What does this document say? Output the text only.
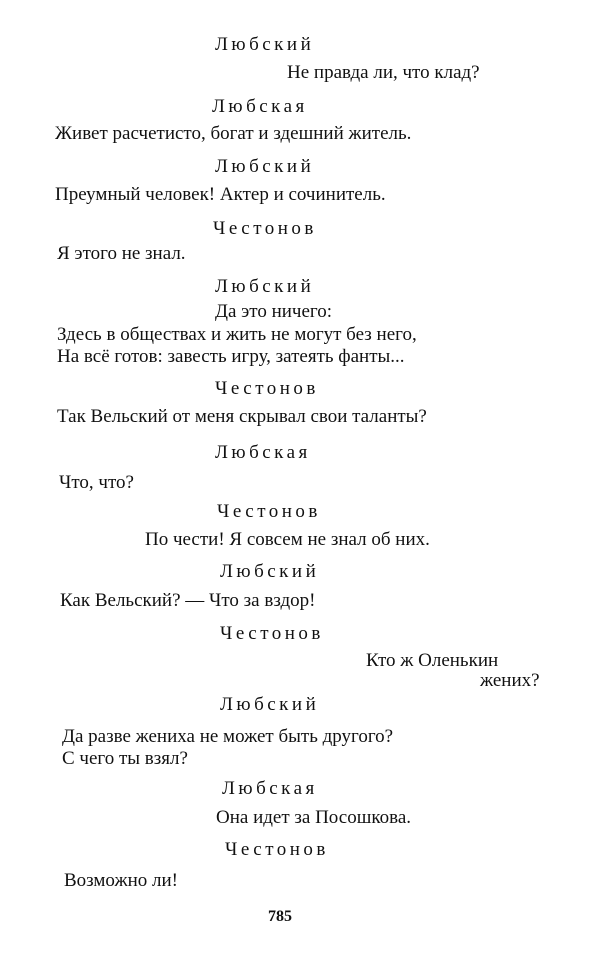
Любский
Не правда ли, что клад?
Любская
Живет расчетисто, богат и здешний житель.
Любский
Преумный человек! Актер и сочинитель.
Честонов
Я этого не знал.
Любский
Да это ничего:
Здесь в обществах и жить не могут без него,
На всё готов: завесть игру, затеять фанты...
Честонов
Так Вельский от меня скрывал свои таланты?
Любская
Что, что?
Честонов
По чести! Я совсем не знал об них.
Любский
Как Вельский? — Что за вздор!
Честонов
Кто ж Оленькин
жених?
Любский
Да разве жениха не может быть другого?
С чего ты взял?
Любская
Она идет за Посошкова.
Честонов
Возможно ли!
785
